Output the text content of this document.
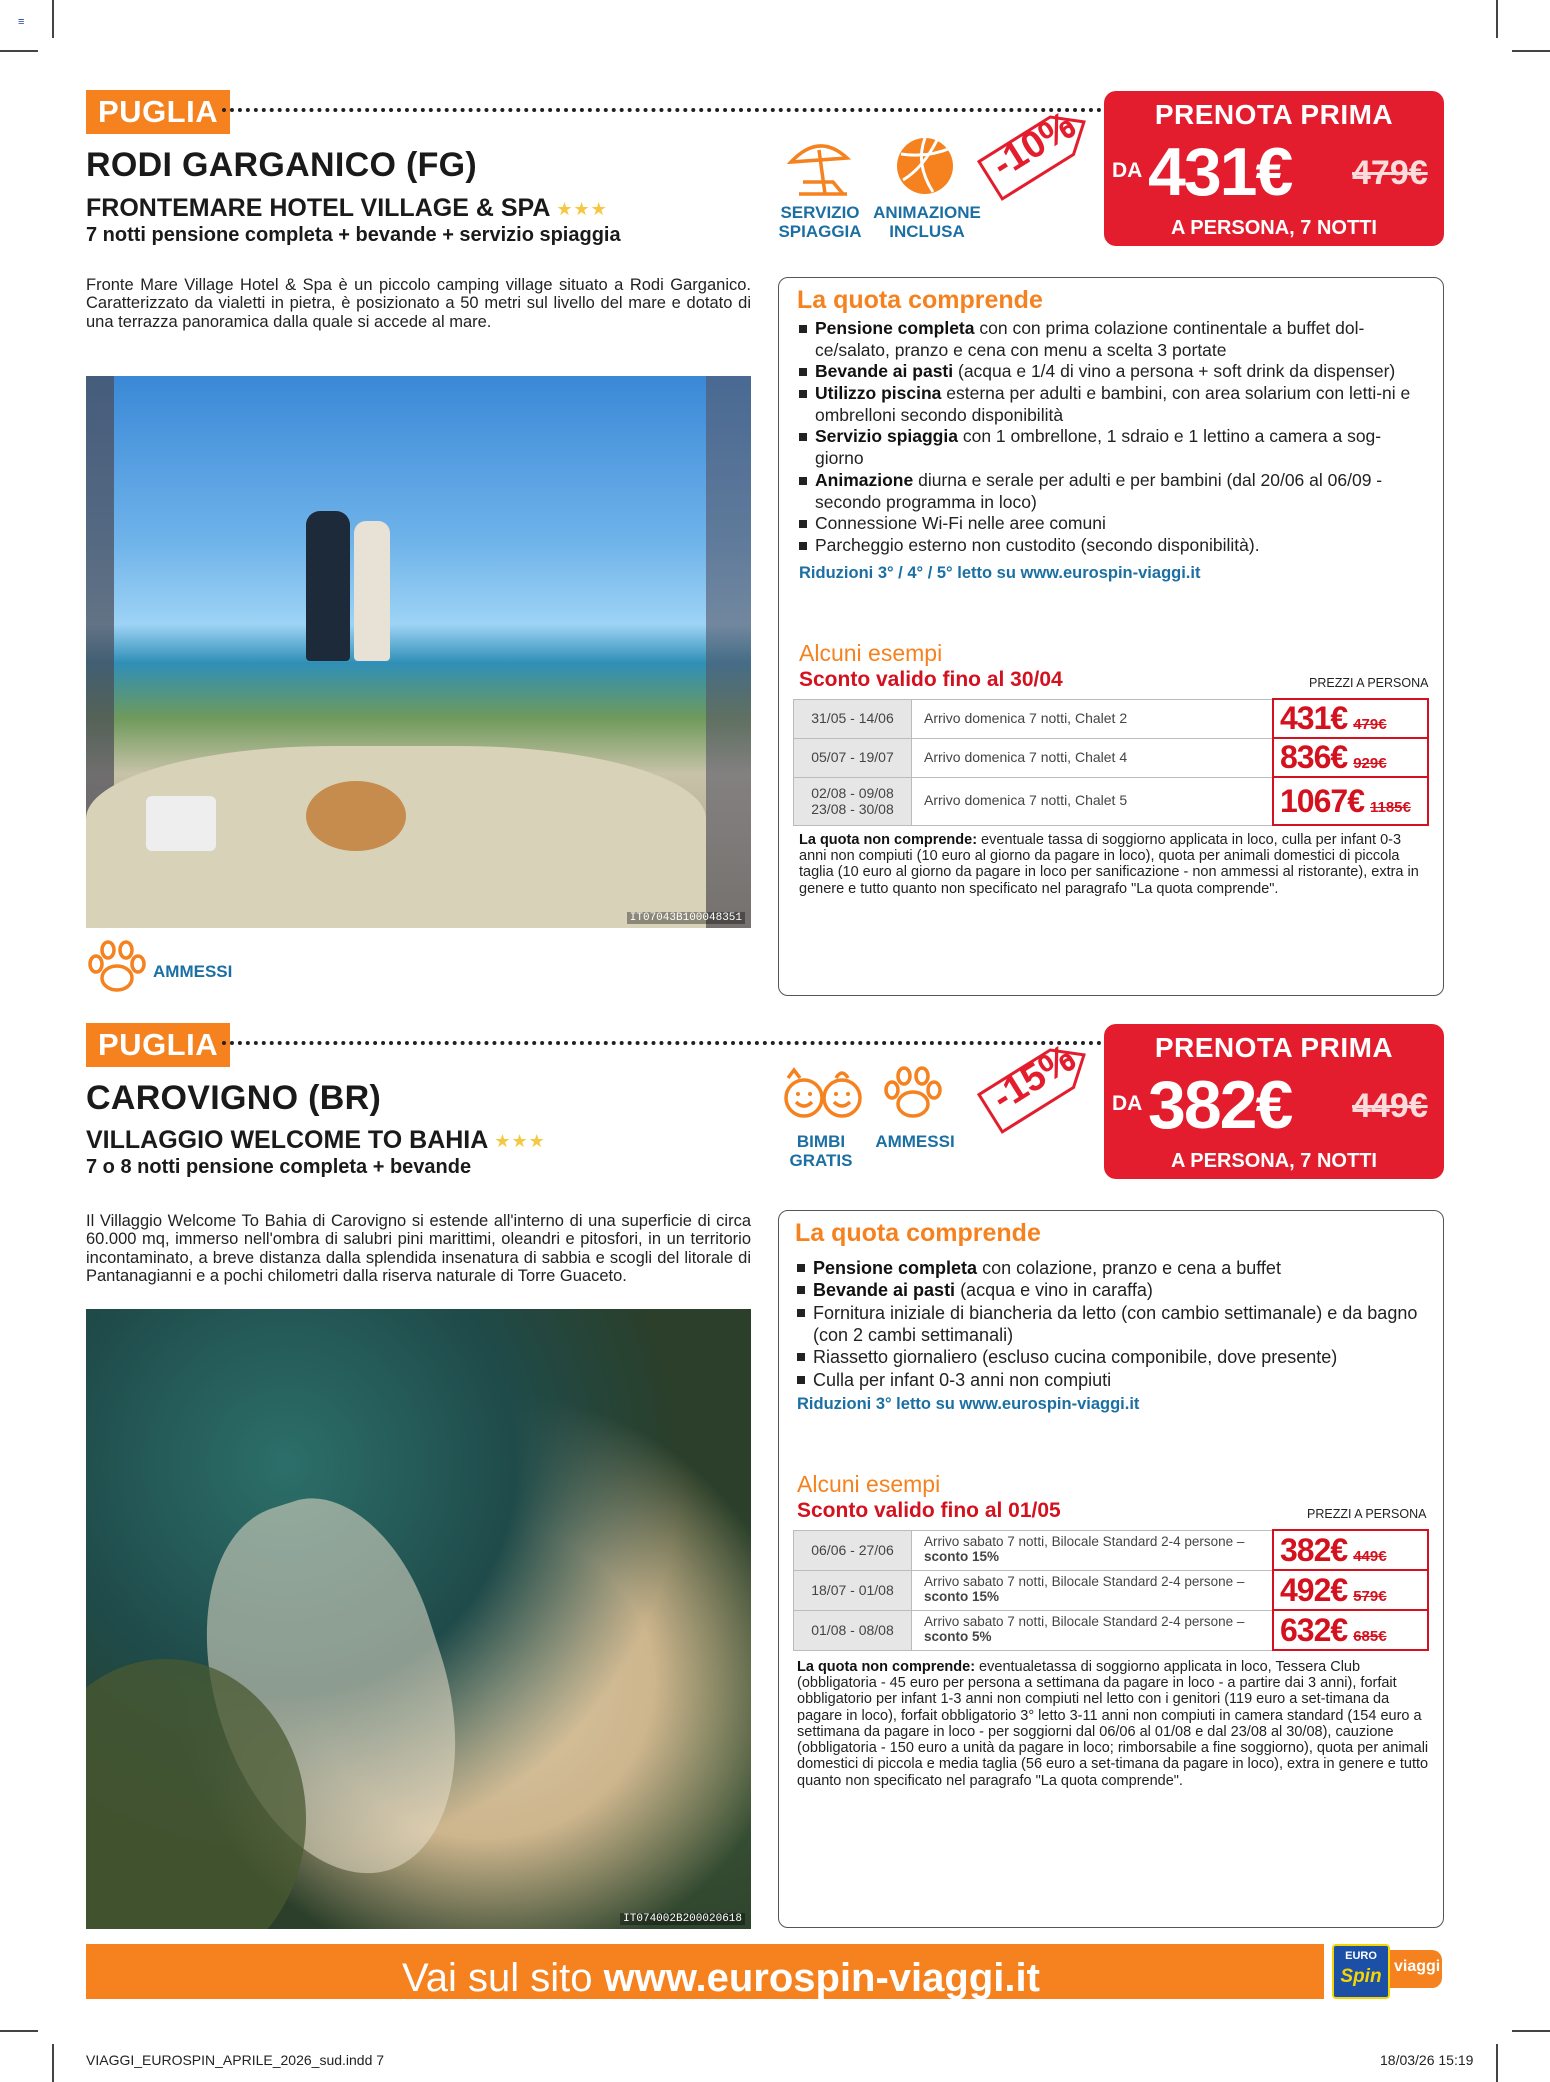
≡
PUGLIA
RODI GARGANICO (FG)
FRONTEMARE HOTEL VILLAGE & SPA ★★★
7 notti pensione completa + bevande + servizio spiaggia

Fronte Mare Village Hotel & Spa è un piccolo camping village situato a Rodi Garganico. Caratterizzato da vialetti in pietra, è posizionato a 50 metri sul livello del mare e dotato di una terrazza panoramica dalla quale si accede al mare.

IT07043B10004835​1
AMMESSI
SERVIZIO
SPIAGGIA
ANIMAZIONE
INCLUSA
-10%	PRENOTA PRIMA
DA 431€ 479€
A PERSONA, 7 NOTTI
La quota comprende
Pensione completa con con prima colazione continentale a buffet dol-ce/salato, pranzo e cena con menu a scelta 3 portate
Bevande ai pasti (acqua e 1/4 di vino a persona + soft drink da dispenser)
Utilizzo piscina esterna per adulti e bambini, con area solarium con letti-ni e ombrelloni secondo disponibilità
Servizio spiaggia con 1 ombrellone, 1 sdraio e 1 lettino a camera a sog-giorno
Animazione diurna e serale per adulti e per bambini (dal 20/06 al 06/09 - secondo programma in loco)
Connessione Wi-Fi nelle aree comuni
Parcheggio esterno non custodito (secondo disponibilità).
Riduzioni 3° / 4° / 5° letto su www.eurospin-viaggi.it
Alcuni esempi
Sconto valido fino al 30/04	PREZZI A PERSONA
31/05 - 14/06	Arrivo domenica 7 notti, Chalet 2	431€ 479€

05/07 - 19/07	Arrivo domenica 7 notti, Chalet 4	836€ 929€

02/08 - 09/08
23/08 - 30/08	Arrivo domenica 7 notti, Chalet 5	1067€ 1185€

La quota non comprende: eventuale tassa di soggiorno applicata in loco, culla per infant 0-3 anni non compiuti (10 euro al giorno da pagare in loco), quota per animali domestici di piccola taglia (10 euro al giorno da pagare in loco per sanificazione - non ammessi al ristorante), extra in genere e tutto quanto non specificato nel paragrafo "La quota comprende".

PUGLIA
CAROVIGNO (BR)
VILLAGGIO WELCOME TO BAHIA ★★★
7 o 8 notti pensione completa + bevande

Il Villaggio Welcome To Bahia di Carovigno si estende all'interno di una superficie di circa 60.000 mq, immerso nell'ombra di salubri pini marittimi, oleandri e pitosfori, in un territorio incontaminato, a breve distanza dalla splendida insenatura di sabbia e scogli del litorale di Pantanagianni e a pochi chilometri dalla riserva naturale di Torre Guaceto.

IT07400​2B200020618
BIMBI
GRATIS
AMMESSI
-15%	PRENOTA PRIMA
DA 382€ 449€
A PERSONA, 7 NOTTI
La quota comprende
Pensione completa con colazione, pranzo e cena a buffet
Bevande ai pasti (acqua e vino in caraffa)
Fornitura iniziale di biancheria da letto (con cambio settimanale) e da bagno (con 2 cambi settimanali)
Riassetto giornaliero (escluso cucina componibile, dove presente)
Culla per infant 0-3 anni non compiuti
Riduzioni 3° letto su www.eurospin-viaggi.it
Alcuni esempi
Sconto valido fino al 01/05	PREZZI A PERSONA
06/06 - 27/06	Arrivo sabato 7 notti, Bilocale Standard 2-4 persone – sconto 15%	382€ 449€

18/07 - 01/08	Arrivo sabato 7 notti, Bilocale Standard 2-4 persone – sconto 15%	492€ 579€

01/08 - 08/08	Arrivo sabato 7 notti, Bilocale Standard 2-4 persone – sconto 5%	632€ 685€

La quota non comprende: eventualetassa di soggiorno applicata in loco, Tessera Club (obbligatoria - 45 euro per persona a settimana da pagare in loco - a partire dai 3 anni), forfait obbligatorio per infant 1-3 anni non compiuti nel letto con i genitori (119 euro a set-timana da pagare in loco), forfait obbligatorio 3° letto 3-11 anni non compiuti in camera standard (154 euro a settimana da pagare in loco - per soggiorni dal 06/06 al 01/08 e dal 23/08 al 30/08), cauzione (obbligatoria - 150 euro a unità da pagare in loco; rimborsabile a fine soggiorno), quota per animali domestici di piccola e media taglia (56 euro a set-timana da pagare in loco), extra in genere e tutto quanto non specificato nel paragrafo "La quota comprende".

Vai sul sito www.eurospin-viaggi.it	EURO
Spin viaggi
VIAGGI_EUROSPIN_APRILE_2026_sud.indd 7	18/03/26 15:19
